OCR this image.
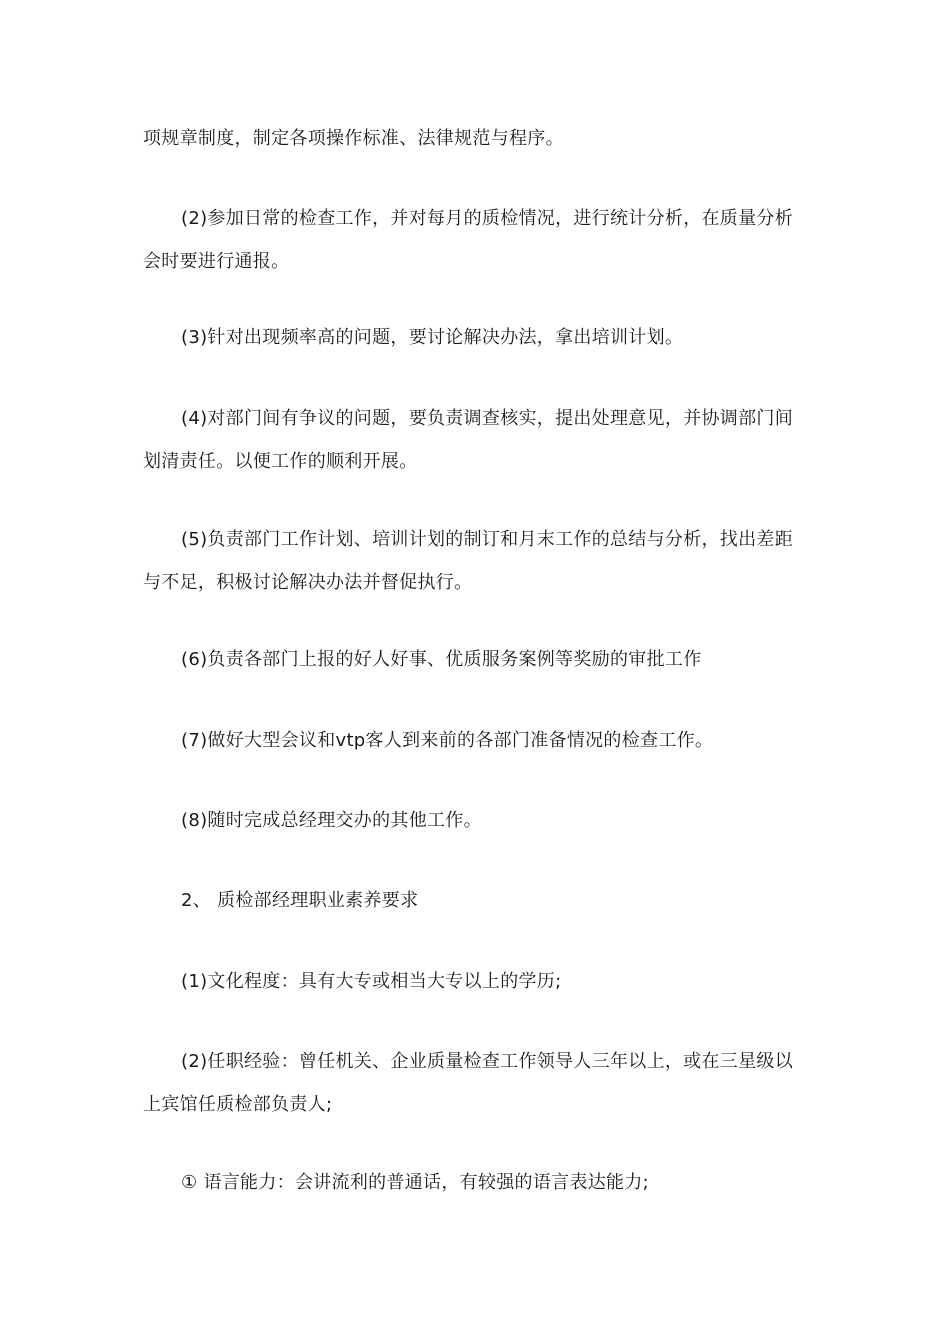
项规章制度，制定各项操作标准、法律规范与程序。
(2)参加日常的检查工作，并对每月的质检情况，进行统计分析，在质量分析会时要进行通报。
(3)针对出现频率高的问题，要讨论解决办法，拿出培训计划。
(4)对部门间有争议的问题，要负责调查核实，提出处理意见，并协调部门间划清责任。以便工作的顺利开展。
(5)负责部门工作计划、培训计划的制订和月末工作的总结与分析，找出差距与不足，积极讨论解决办法并督促执行。
(6)负责各部门上报的好人好事、优质服务案例等奖励的审批工作
(7)做好大型会议和vtp客人到来前的各部门准备情况的检查工作。
(8)随时完成总经理交办的其他工作。
2、 质检部经理职业素养要求
(1)文化程度：具有大专或相当大专以上的学历;
(2)任职经验：曾任机关、企业质量检查工作领导人三年以上，或在三星级以上宾馆任质检部负责人;
① 语言能力：会讲流利的普通话，有较强的语言表达能力;
